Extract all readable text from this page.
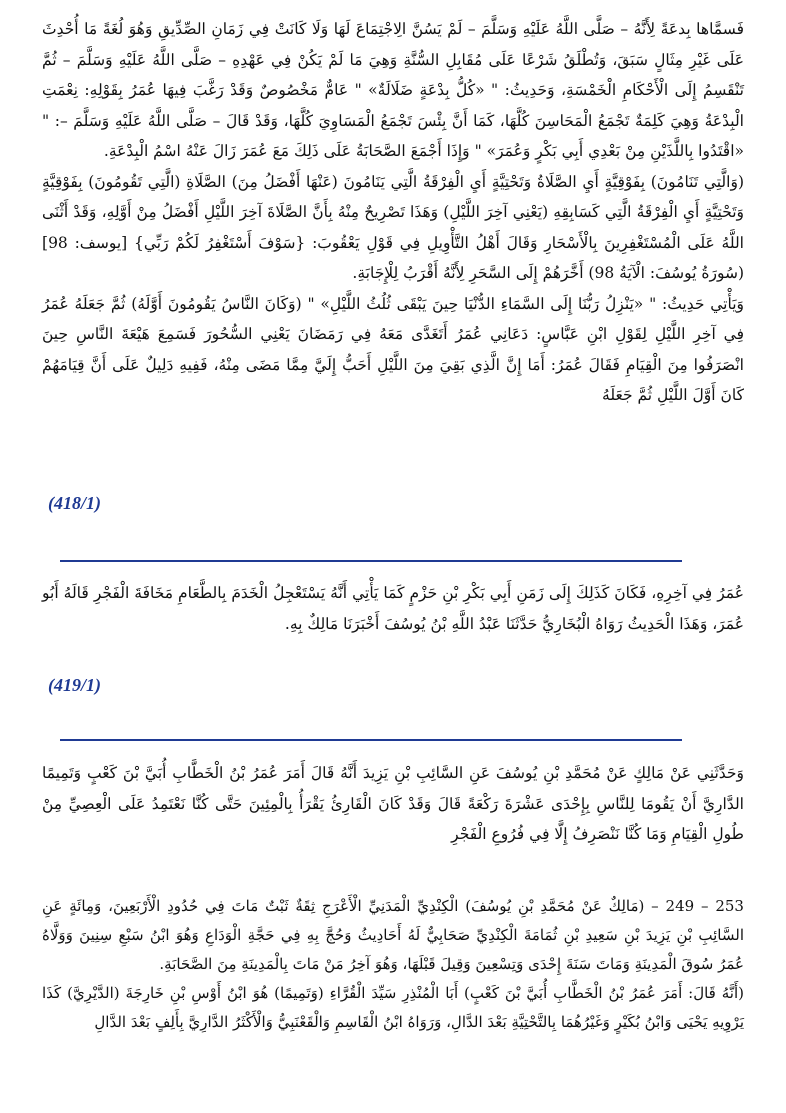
فَسمَّاها بِدعَةً لِأَنَّهُ – صَلَّى اللَّهُ عَلَيْهِ وَسَلَّمَ – لَمْ يَسُنَّ الِاجْتِمَاعَ لَهَا وَلَا كَانَتْ فِي زَمَانِ الصِّدِّيقِ وَهُوَ لُغَةً مَا أُحْدِثَ عَلَى غَيْرِ مِثَالٍ سَبَقَ، وَتُطْلَقُ شَرْعًا عَلَى مُقَابِلِ السُّنَّةِ وَهِيَ مَا لَمْ يَكُنْ فِي عَهْدِهِ – صَلَّى اللَّهُ عَلَيْهِ وَسَلَّمَ – ثُمَّ تَنْقَسِمُ إِلَى الْأَحْكَامِ الْخَمْسَةِ، وَحَدِيثُ: " «كُلُّ بِدْعَةٍ ضَلَالَةٌ» " عَامٌّ مَخْصُوصٌ وَقَدْ رَغَّبَ فِيهَا عُمَرُ بِقَوْلِهِ: نِعْمَتِ الْبِدْعَةُ وَهِيَ كَلِمَةٌ تَجْمَعُ الْمَحَاسِنَ كُلَّهَا، كَمَا أَنَّ بِئْسَ تَجْمَعُ الْمَسَاوِيَ كُلَّهَا، وَقَدْ قَالَ – صَلَّى اللَّهُ عَلَيْهِ وَسَلَّمَ –: " «اقْتَدُوا بِاللَّذَيْنِ مِنْ بَعْدِي أَبِي بَكْرٍ وَعُمَرَ» " وَإِذَا أَجْمَعَ الصَّحَابَةُ عَلَى ذَلِكَ مَعَ عُمَرَ زَالَ عَنْهُ اسْمُ الْبِدْعَةِ.

(وَالَّتِي تَنَامُونَ) بِفَوْقِيَّةٍ أَيِ الصَّلَاةُ وَتَحْتِيَّةٍ أَيِ الْفِرْقَةُ الَّتِي يَنَامُونَ (عَنْهَا أَفْضَلُ مِنَ) الصَّلَاةِ (الَّتِي تَقُومُونَ) بِفَوْقِيَّةٍ وَتَحْتِيَّةٍ أَيِ الْفِرْقَةُ الَّتِي كَسَابِقِهِ (يَعْنِي آخِرَ اللَّيْلِ) وَهَذَا تَصْرِيحٌ مِنْهُ بِأَنَّ الصَّلَاةَ آخِرَ اللَّيْلِ أَفْضَلُ مِنْ أَوَّلِهِ، وَقَدْ أَثْنَى اللَّهُ عَلَى الْمُسْتَغْفِرِينَ بِالْأَسْحَارِ وَقَالَ أَهْلُ التَّأْوِيلِ فِي قَوْلِ يَعْقُوبَ: {سَوْفَ أَسْتَغْفِرُ لَكُمْ رَبِّي} [يوسف: 98] (سُورَةُ يُوسُفَ: الْآيَةُ 98) أَخَّرَهُمْ إِلَى السَّحَرِ لِأَنَّهُ أَقْرَبُ لِلْإِجَابَةِ.

وَيَأْتِي حَدِيثُ: " «يَنْزِلُ رَبُّنَا إِلَى السَّمَاءِ الدُّنْيَا حِينَ يَبْقَى ثُلُثُ اللَّيْلِ» " (وَكَانَ النَّاسُ يَقُومُونَ أَوَّلَهُ) ثُمَّ جَعَلَهُ عُمَرُ فِي آخِرِ اللَّيْلِ لِقَوْلِ ابْنِ عَبَّاسٍ: دَعَانِي عُمَرُ أَتَغَدَّى مَعَهُ فِي رَمَضَانَ يَعْنِي السُّحُورَ فَسَمِعَ هَيْعَةَ النَّاسِ حِينَ انْصَرَفُوا مِنَ الْقِيَامِ فَقَالَ عُمَرُ: أَمَا إِنَّ الَّذِي بَقِيَ مِنَ اللَّيْلِ أَحَبُّ إِلَيَّ مِمَّا مَضَى مِنْهُ، فَفِيهِ دَلِيلٌ عَلَى أَنَّ قِيَامَهُمْ كَانَ أَوَّلَ اللَّيْلِ ثُمَّ جَعَلَهُ

(418/1)

عُمَرُ فِي آخِرِهِ، فَكَانَ كَذَلِكَ إِلَى زَمَنِ أَبِي بَكْرِ بْنِ حَزْمٍ كَمَا يَأْتِي أَنَّهُ يَسْتَعْجِلُ الْخَدَمَ بِالطَّعَامِ مَخَافَةَ الْفَجْرِ قَالَهُ أَبُو عُمَرَ، وَهَذَا الْحَدِيثُ رَوَاهُ الْبُخَارِيُّ حَدَّثَنَا عَبْدُ اللَّهِ بْنُ يُوسُفَ أَخْبَرَنَا مَالِكٌ بِهِ.

(419/1)

وَحَدَّثَنِي عَنْ مَالِكٍ عَنْ مُحَمَّدِ بْنِ يُوسُفَ عَنِ السَّائِبِ بْنِ يَزِيدَ أَنَّهُ قَالَ أَمَرَ عُمَرُ بْنُ الْخَطَّابِ أُبَيَّ بْنَ كَعْبٍ وَتَمِيمًا الدَّارِيَّ أَنْ يَقُومَا لِلنَّاسِ بِإِحْدَى عَشْرَةَ رَكْعَةً قَالَ وَقَدْ كَانَ الْقَارِئُ يَقْرَأُ بِالْمِئِينَ حَتَّى كُنَّا نَعْتَمِدُ عَلَى الْعِصِيِّ مِنْ طُولِ الْقِيَامِ وَمَا كُنَّا نَنْصَرِفُ إِلَّا فِي فُرُوعِ الْفَجْرِ

253 – 249 – (مَالِكٌ عَنْ مُحَمَّدِ بْنِ يُوسُفَ) الْكِنْدِيِّ الْمَدَنِيِّ الْأَعْرَجِ ثِقَةٌ ثَبْتٌ مَاتَ فِي حُدُودِ الْأَرْبَعِينَ، وَمِائَةٍ عَنِ السَّائِبِ بْنِ يَزِيدَ بْنِ سَعِيدِ بْنِ ثُمَامَةَ الْكِنْدِيِّ صَحَابِيٌّ لَهُ أَحَادِيثُ وَحُجَّ بِهِ فِي حَجَّةِ الْوَدَاعِ وَهُوَ ابْنُ سَبْعِ سِنِينَ وَوَلَّاهُ عُمَرُ سُوقَ الْمَدِينَةِ وَمَاتَ سَنَةَ إِحْدَى وَتِسْعِينَ وَقِيلَ قَبْلَهَا، وَهُوَ آخِرُ مَنْ مَاتَ بِالْمَدِينَةِ مِنَ الصَّحَابَةِ.

(أَنَّهُ قَالَ: أَمَرَ عُمَرُ بْنُ الْخَطَّابِ أُبَيَّ بْنَ كَعْبٍ) أَبَا الْمُنْذِرِ سَيِّدَ الْقُرَّاءِ (وَتَمِيمًا) هُوَ ابْنُ أَوْسِ بْنِ خَارِجَةَ (الدَّيْرِيَّ) كَذَا يَرْوِيهِ يَحْيَى وَابْنُ بُكَيْرٍ وَغَيْرُهُمَا بِالتَّحْتِيَّةِ بَعْدَ الدَّالِ، وَرَوَاهُ ابْنُ الْقَاسِمِ وَالْقَعْنَبِيُّ وَالْأَكْثَرُ الدَّارِيَّ بِأَلِفٍ بَعْدَ الدَّالِ
